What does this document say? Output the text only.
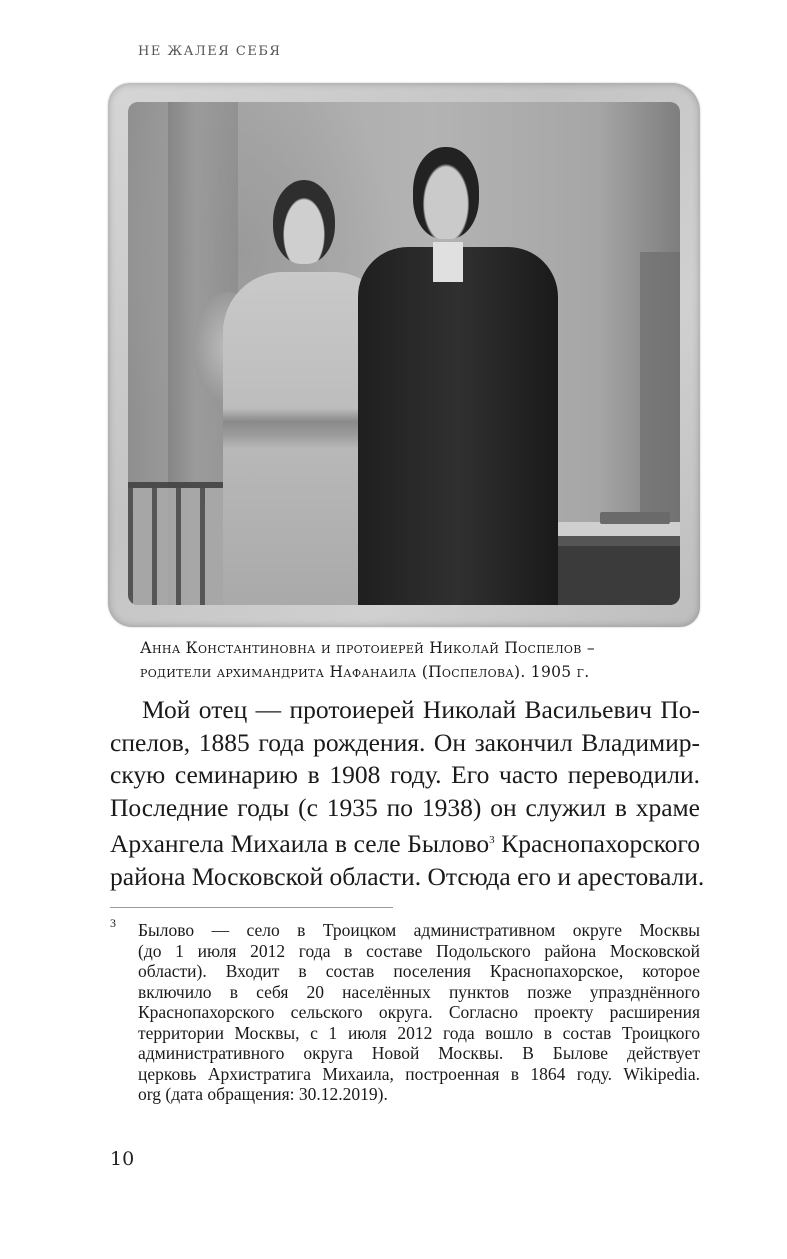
НЕ ЖАЛЕЯ СЕБЯ
Анна Константиновна и протоиерей Николай Поспелов –
родители архимандрита Нафанаила (Поспелова). 1905 г.
Мой отец — протоиерей Николай Васильевич По-
спелов, 1885 года рождения. Он закончил Владимир-
скую семинарию в 1908 году. Его часто переводили.
Последние годы (с 1935 по 1938) он служил в храме
Архангела Михаила в селе Былово$^3$ Краснопахорского
района Московской области. Отсюда его и арестовали.
3 Былово — село в Троицком административном округе Москвы
(до 1 июля 2012 года в составе Подольского района Московской
области). Входит в состав поселения Краснопахорское, которое
включило в себя 20 населённых пунктов позже упразднённого
Краснопахорского сельского округа. Согласно проекту расширения
территории Москвы, с 1 июля 2012 года вошло в состав Троицкого
административного округа Новой Москвы. В Былове действует
церковь Архистратига Михаила, построенная в 1864 году. Wikipedia.
org (дата обращения: 30.12.2019).
10
